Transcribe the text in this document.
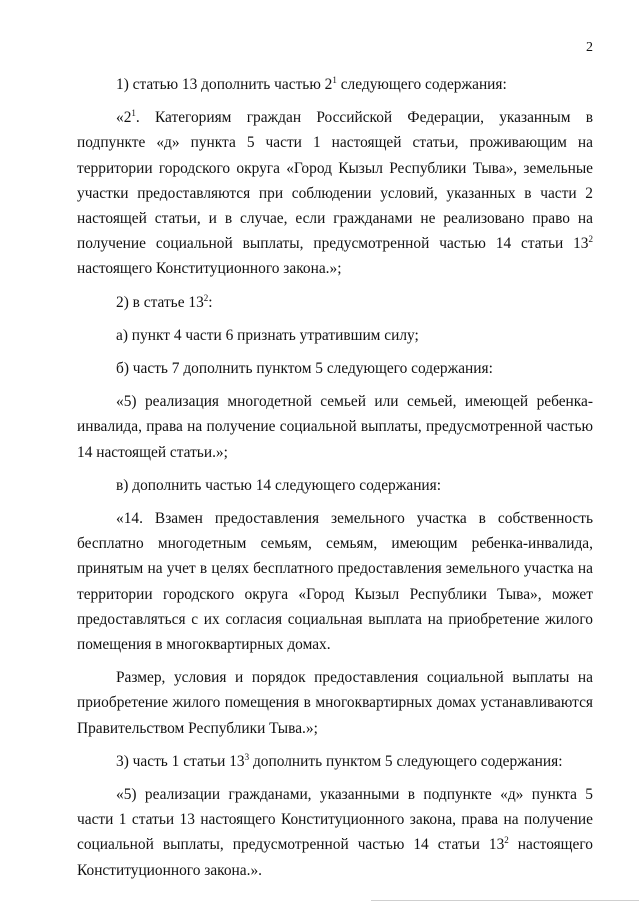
2

1) статью 13 дополнить частью $2^1$ следующего содержания:

«$2^1$. Категориям граждан Российской Федерации, указанным в подпункте «д» пункта 5 части 1 настоящей статьи, проживающим на территории городского округа «Город Кызыл Республики Тыва», земельные участки предоставляются при соблюдении условий, указанных в части 2 настоящей статьи, и в случае, если гражданами не реализовано право на получение социальной выплаты, предусмотренной частью 14 статьи $13^2$ настоящего Конституционного закона.»;

2) в статье $13^2$:

а) пункт 4 части 6 признать утратившим силу;

б) часть 7 дополнить пунктом 5 следующего содержания:

«5) реализация многодетной семьей или семьей, имеющей ребенка-инвалида, права на получение социальной выплаты, предусмотренной частью 14 настоящей статьи.»;

в) дополнить частью 14 следующего содержания:

«14. Взамен предоставления земельного участка в собственность бесплатно многодетным семьям, семьям, имеющим ребенка-инвалида, принятым на учет в целях бесплатного предоставления земельного участка на территории городского округа «Город Кызыл Республики Тыва», может предоставляться с их согласия социальная выплата на приобретение жилого помещения в многоквартирных домах.

Размер, условия и порядок предоставления социальной выплаты на приобретение жилого помещения в многоквартирных домах устанавливаются Правительством Республики Тыва.»;

3) часть 1 статьи $13^3$ дополнить пунктом 5 следующего содержания:

«5) реализации гражданами, указанными в подпункте «д» пункта 5 части 1 статьи 13 настоящего Конституционного закона, права на получение социальной выплаты, предусмотренной частью 14 статьи $13^2$ настоящего Конституционного закона.».
